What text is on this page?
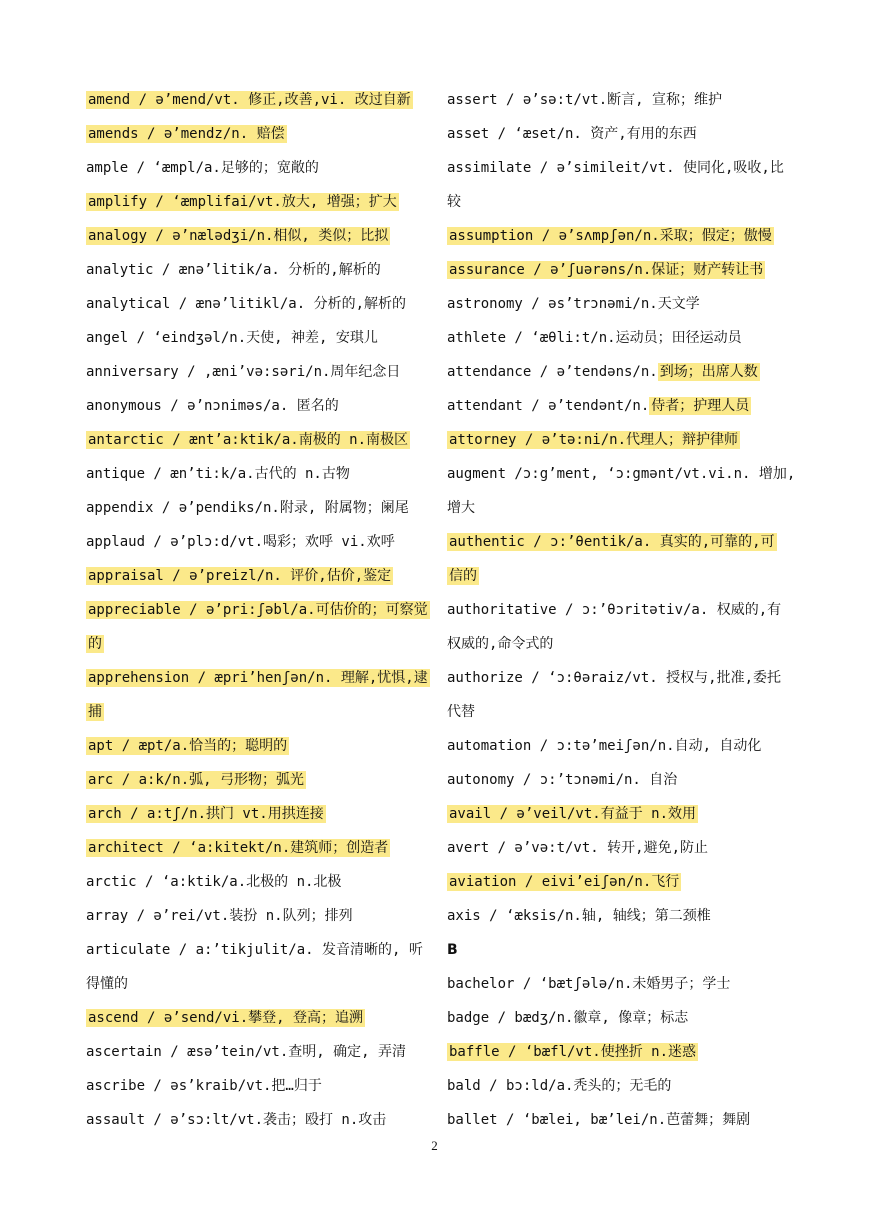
amend / ə’mend/vt. 修正,改善,vi. 改过自新
amends / ə’mendz/n. 赔偿
ample / ‘æmpl/a.足够的；宽敞的
amplify / ‘æmplifai/vt.放大, 增强；扩大
analogy / ə’nælədʒi/n.相似, 类似；比拟
analytic / ænə’litik/a. 分析的,解析的
analytical / ænə’litikl/a. 分析的,解析的
angel / ‘eindʒəl/n.天使, 神差, 安琪儿
anniversary / ,æni’və:səri/n.周年纪念日
anonymous / ə’nɔniməs/a. 匿名的
antarctic / ænt’a:ktik/a.南极的 n.南极区
antique / æn’ti:k/a.古代的 n.古物
appendix / ə’pendiks/n.附录, 附属物；阑尾
applaud / ə’plɔ:d/vt.喝彩；欢呼 vi.欢呼
appraisal / ə’preizl/n. 评价,估价,鉴定
appreciable / ə’pri:ʃəbl/a.可估价的；可察觉
的
apprehension / æpri’henʃən/n. 理解,忧惧,逮
捕
apt / æpt/a.恰当的；聪明的
arc / a:k/n.弧, 弓形物；弧光
arch / a:tʃ/n.拱门 vt.用拱连接
architect / ‘a:kitekt/n.建筑师；创造者
arctic / ‘a:ktik/a.北极的 n.北极
array / ə’rei/vt.装扮 n.队列；排列
articulate / a:’tikjulit/a. 发音清晰的, 听
得懂的
ascend / ə’send/vi.攀登, 登高；追溯
ascertain / æsə’tein/vt.查明, 确定, 弄清
ascribe / əs’kraib/vt.把…归于
assault / ə’sɔ:lt/vt.袭击；殴打 n.攻击
assert / ə’sə:t/vt.断言, 宣称；维护
asset / ‘æset/n. 资产,有用的东西
assimilate / ə’simileit/vt. 使同化,吸收,比
较
assumption / ə’sʌmpʃən/n.采取；假定；傲慢
assurance / ə’ʃuərəns/n.保证；财产转让书
astronomy / əs’trɔnəmi/n.天文学
athlete / ‘æθli:t/n.运动员；田径运动员
attendance / ə’tendəns/n. 到场；出席人数
attendant / ə’tendənt/n. 侍者；护理人员
attorney / ə’tə:ni/n.代理人；辩护律师
augment /ɔ:g’ment, ‘ɔ:gmənt/vt.vi.n. 增加,
增大
authentic / ɔ:’θentik/a. 真实的,可靠的,可
信的
authoritative / ɔ:’θɔritətiv/a. 权威的,有
权威的,命令式的
authorize / ‘ɔ:θəraiz/vt. 授权与,批准,委托
代替
automation / ɔ:tə’meiʃən/n.自动, 自动化
autonomy / ɔ:’tɔnəmi/n. 自治
avail / ə’veil/vt.有益于 n.效用
avert / ə’və:t/vt. 转开,避免,防止
aviation / eivi’eiʃən/n.飞行
axis / ‘æksis/n.轴, 轴线；第二颈椎
B
bachelor / ‘bætʃələ/n.未婚男子；学士
badge / bædʒ/n.徽章, 像章；标志
baffle / ‘bæfl/vt.使挫折 n.迷惑
bald / bɔ:ld/a.秃头的；无毛的
ballet / ‘bælei, bæ’lei/n.芭蕾舞；舞剧
2
